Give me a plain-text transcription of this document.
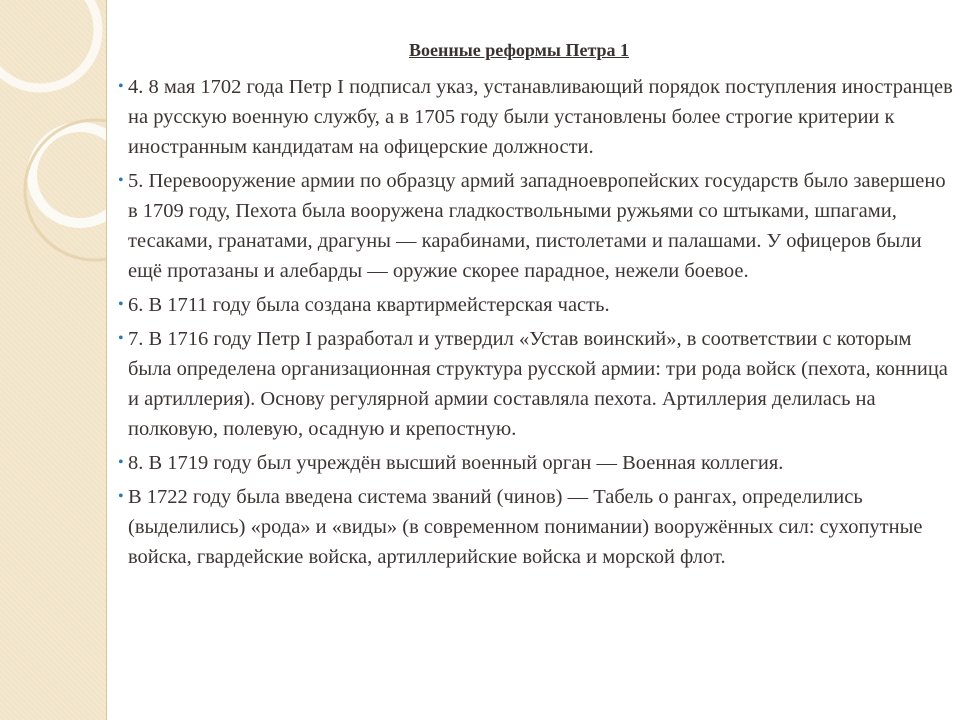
Военные реформы Петра 1
• 4. 8 мая 1702 года Петр I подписал указ, устанавливающий порядок поступления иностранцев на русскую военную службу, а в 1705 году были установлены более строгие критерии к иностранным кандидатам на офицерские должности.
• 5. Перевооружение армии по образцу армий западноевропейских государств было завершено в 1709 году, Пехота была вооружена гладкоствольными ружьями со штыками, шпагами, тесаками, гранатами, драгуны — карабинами, пистолетами и палашами. У офицеров были ещё протазаны и алебарды — оружие скорее парадное, нежели боевое.
• 6. В 1711 году была создана квартирмейстерская часть.
• 7. В 1716 году Петр I разработал и утвердил «Устав воинский», в соответствии с которым была определена организационная структура русской армии: три рода войск (пехота, конница и артиллерия). Основу регулярной армии составляла пехота. Артиллерия делилась на полковую, полевую, осадную и крепостную.
• 8. В 1719 году был учреждён высший военный орган — Военная коллегия.
• В 1722 году была введена система званий (чинов) — Табель о рангах, определились (выделились) «рода» и «виды» (в современном понимании) вооружённых сил: сухопутные войска, гвардейские войска, артиллерийские войска и морской флот.
